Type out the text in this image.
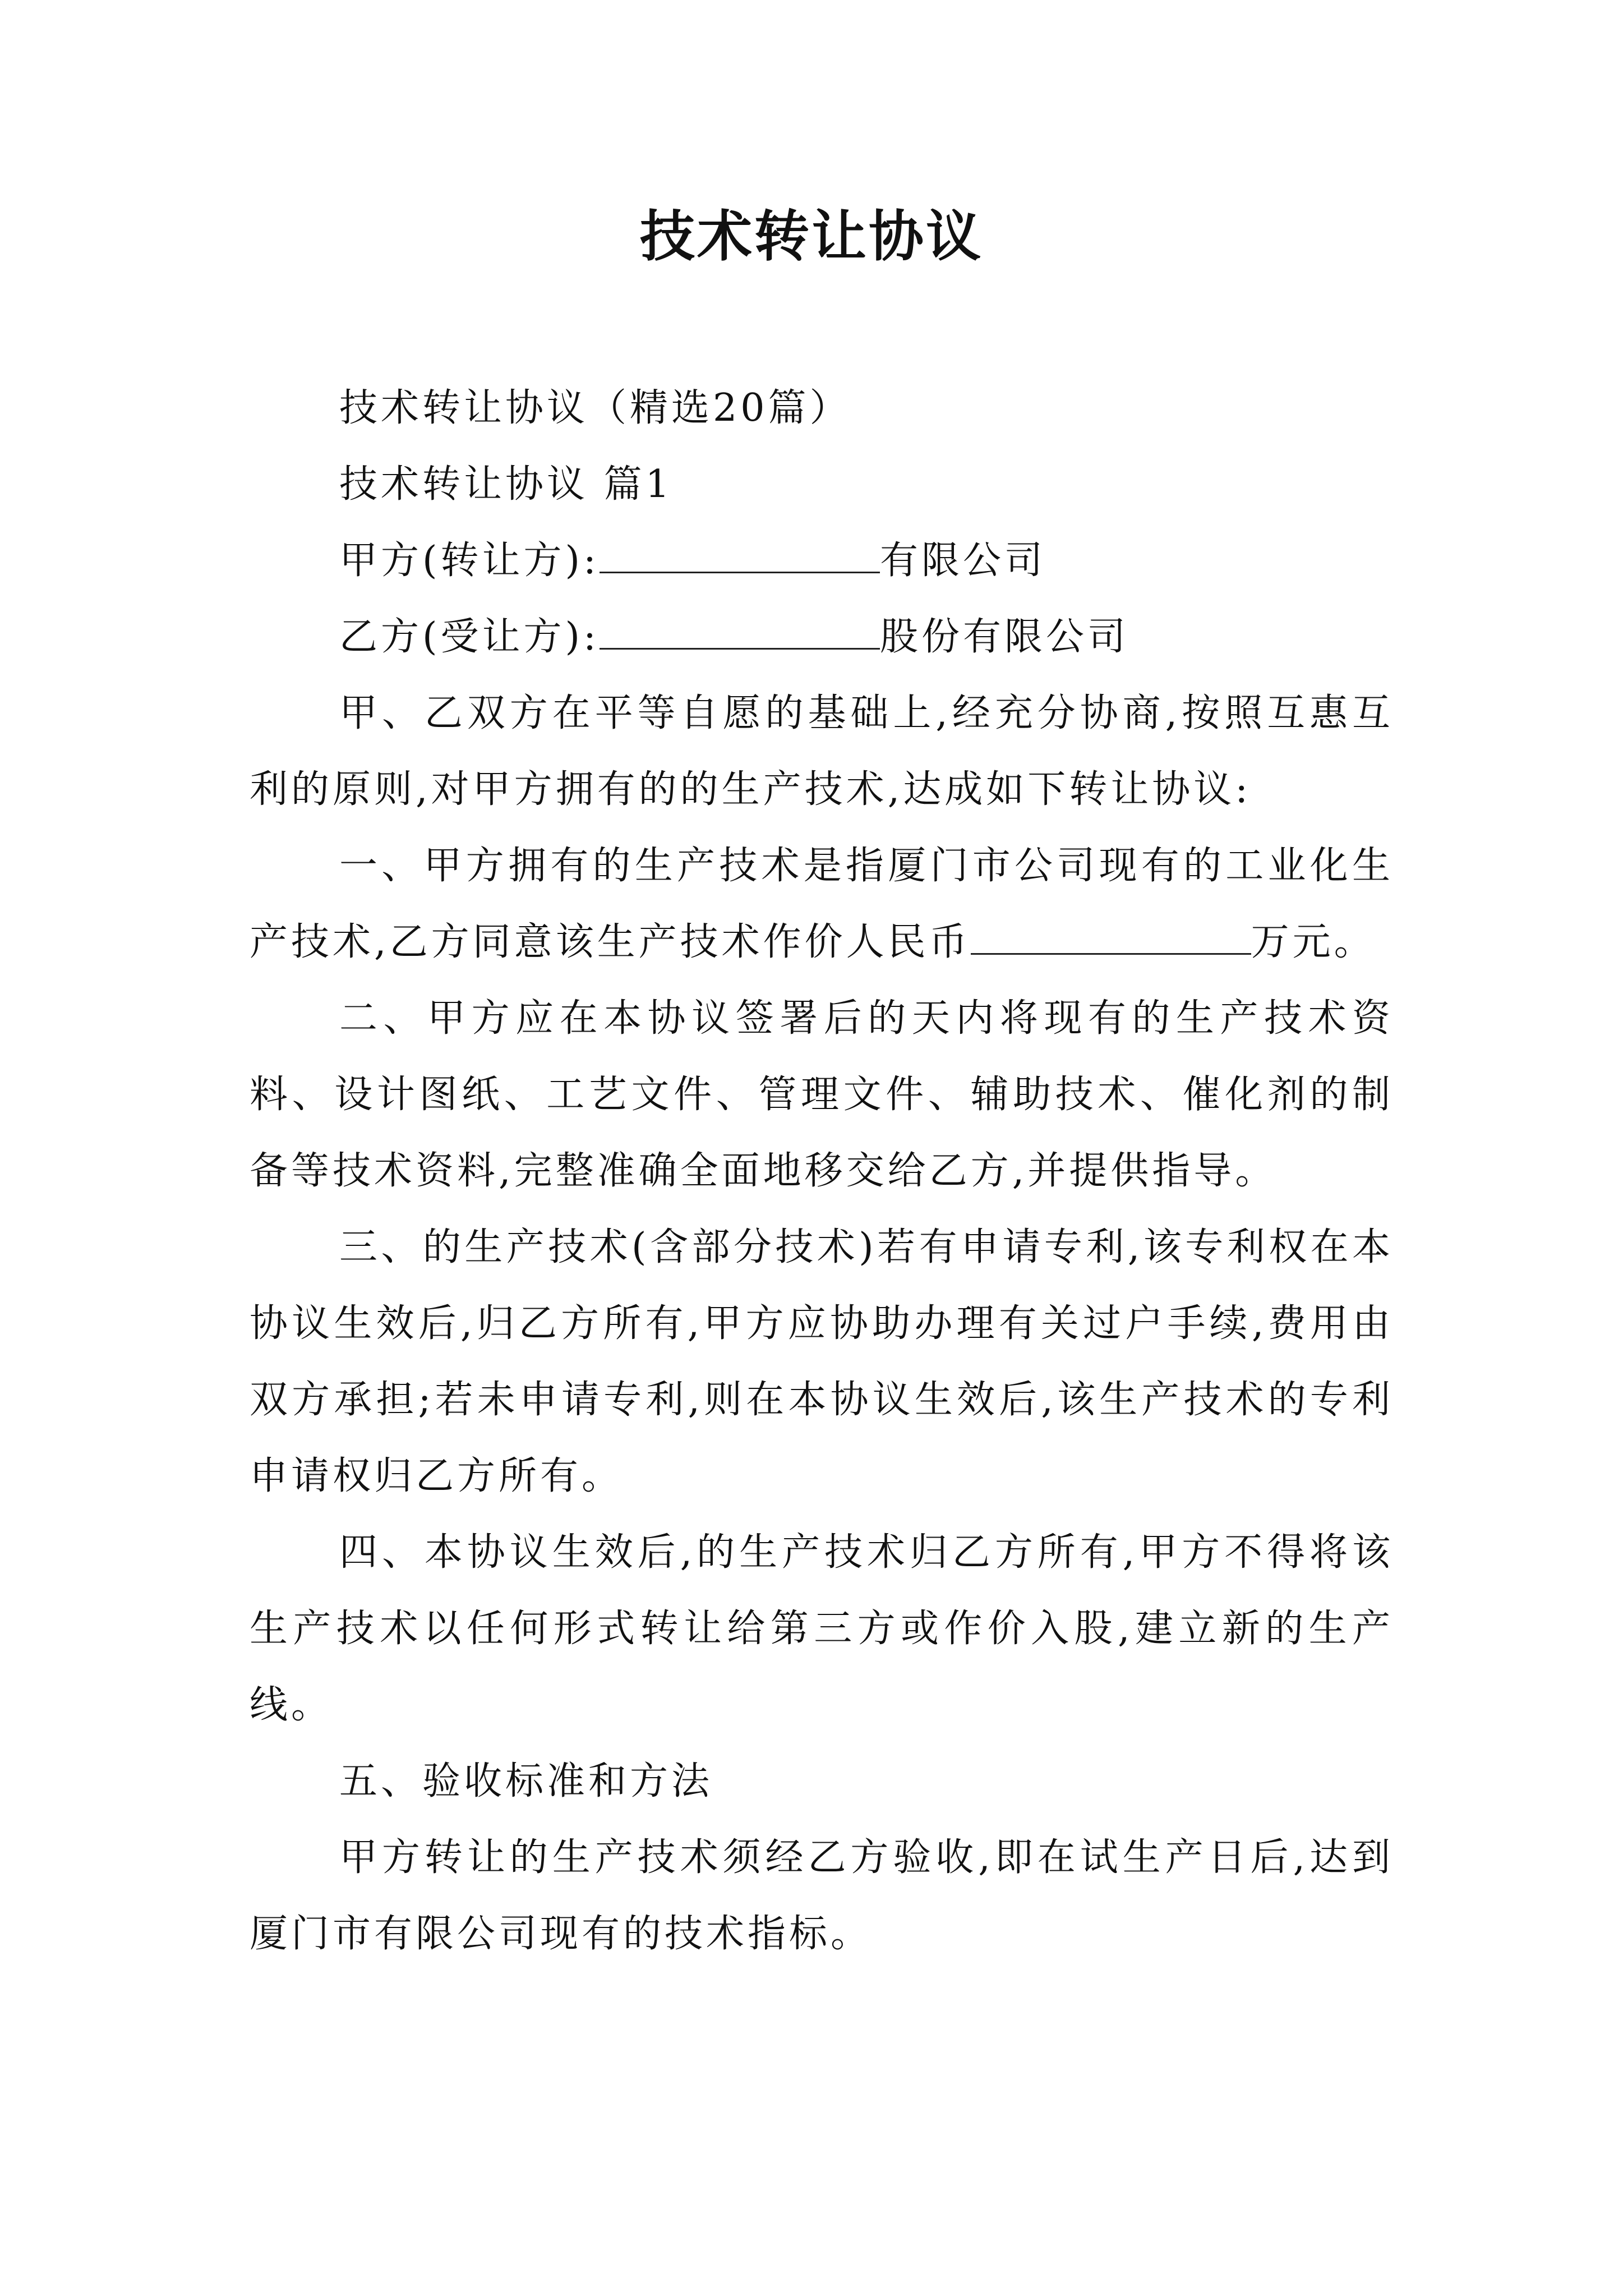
技术转让协议

技术转让协议（精选20篇）

技术转让协议 篇1

甲方(转让方):	有限公司

乙方(受让方):	股份有限公司

甲、乙双方在平等自愿的基础上,经充分协商,按照互惠互利的原则,对甲方拥有的的生产技术,达成如下转让协议:

一、甲方拥有的生产技术是指厦门市公司现有的工业化生产技术,乙方同意该生产技术作价人民币	万元。

二、甲方应在本协议签署后的天内将现有的生产技术资料、设计图纸、工艺文件、管理文件、辅助技术、催化剂的制备等技术资料,完整准确全面地移交给乙方,并提供指导。

三、的生产技术(含部分技术)若有申请专利,该专利权在本协议生效后,归乙方所有,甲方应协助办理有关过户手续,费用由双方承担;若未申请专利,则在本协议生效后,该生产技术的专利申请权归乙方所有。

四、本协议生效后,的生产技术归乙方所有,甲方不得将该生产技术以任何形式转让给第三方或作价入股,建立新的生产线。

五、验收标准和方法

甲方转让的生产技术须经乙方验收,即在试生产日后,达到厦门市有限公司现有的技术指标。
